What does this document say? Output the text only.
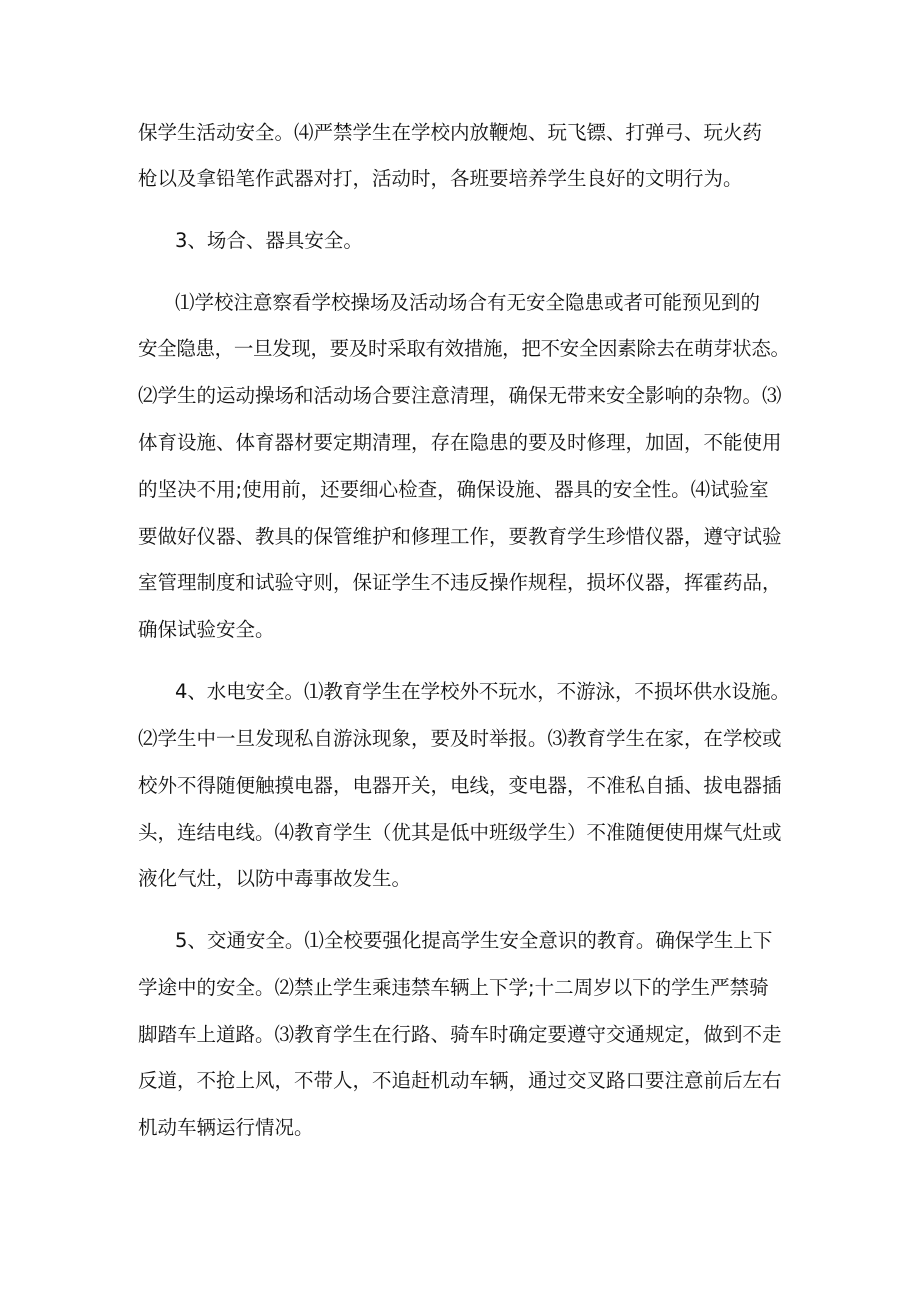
保学生活动安全。⑷严禁学生在学校内放鞭炮、玩飞镖、打弹弓、玩火药
枪以及拿铅笔作武器对打，活动时，各班要培养学生良好的文明行为。
3、场合、器具安全。
⑴学校注意察看学校操场及活动场合有无安全隐患或者可能预见到的
安全隐患，一旦发现，要及时采取有效措施，把不安全因素除去在萌芽状态。
⑵学生的运动操场和活动场合要注意清理，确保无带来安全影响的杂物。⑶
体育设施、体育器材要定期清理，存在隐患的要及时修理，加固，不能使用
的坚决不用;使用前，还要细心检查，确保设施、器具的安全性。⑷试验室
要做好仪器、教具的保管维护和修理工作，要教育学生珍惜仪器，遵守试验
室管理制度和试验守则，保证学生不违反操作规程，损坏仪器，挥霍药品，
确保试验安全。
4、水电安全。⑴教育学生在学校外不玩水，不游泳，不损坏供水设施。
⑵学生中一旦发现私自游泳现象，要及时举报。⑶教育学生在家，在学校或
校外不得随便触摸电器，电器开关，电线，变电器，不准私自插、拔电器插
头，连结电线。⑷教育学生（优其是低中班级学生）不准随便使用煤气灶或
液化气灶，以防中毒事故发生。
5、交通安全。⑴全校要强化提高学生安全意识的教育。确保学生上下
学途中的安全。⑵禁止学生乘违禁车辆上下学;十二周岁以下的学生严禁骑
脚踏车上道路。⑶教育学生在行路、骑车时确定要遵守交通规定，做到不走
反道，不抢上风，不带人，不追赶机动车辆，通过交叉路口要注意前后左右
机动车辆运行情况。
